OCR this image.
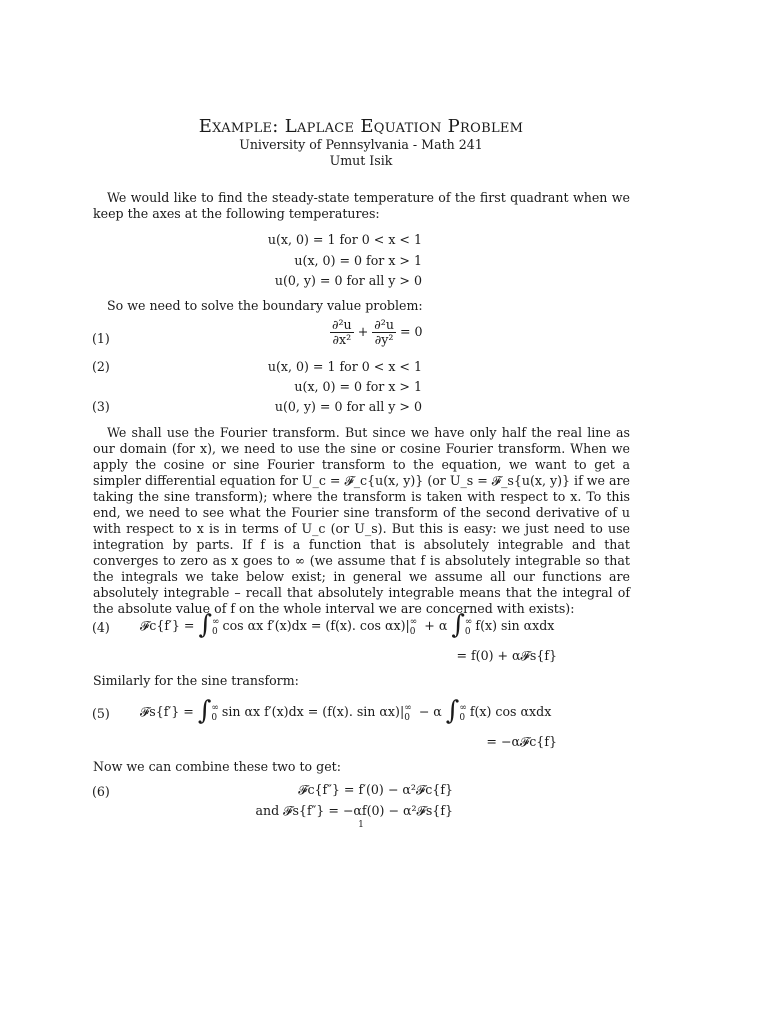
Example: Laplace Equation Problem
University of Pennsylvania - Math 241
Umut Isik
We would like to find the steady-state temperature of the first quadrant when we keep the axes at the following temperatures:
u(x, 0) = 1 for 0 < x < 1
u(x, 0) = 0 for x > 1
u(0, y) = 0 for all y > 0
So we need to solve the boundary value problem:
(1)	$\frac{\text{∂²u}}{\text{∂x²}} + \frac{\text{∂²u}}{\text{∂y²}} = 0$
(2)	u(x, 0) = 1 for 0 < x < 1
u(x, 0) = 0 for x > 1
(3)	u(0, y) = 0 for all y > 0
We shall use the Fourier transform. But since we have only half the real line as our domain (for x), we need to use the sine or cosine Fourier transform. When we apply the cosine or sine Fourier transform to the equation, we want to get a simpler differential equation for U_c = 𝓕_c{u(x, y)} (or U_s = 𝓕_s{u(x, y)} if we are taking the sine transform); where the transform is taken with respect to x. To this end, we need to see what the Fourier sine transform of the second derivative of u with respect to x is in terms of U_c (or U_s). But this is easy: we just need to use integration by parts. If f is a function that is absolutely integrable and that converges to zero as x goes to ∞ (we assume that f is absolutely integrable so that the integrals we take below exist; in general we assume all our functions are absolutely integrable – recall that absolutely integrable means that the integral of the absolute value of f on the whole interval we are concerned with exists):
(4) 𝓕c{f′} = ∫ ∞
0 cos αx f′(x)dx = (f(x). cos αx)| ∞
0 + α ∫ ∞
0 f(x) sin αxdx
= f(0) + α𝓕s{f}
Similarly for the sine transform:
(5) 𝓕s{f′} = ∫ ∞
0 sin αx f′(x)dx = (f(x). sin αx)| ∞
0 − α ∫ ∞
0 f(x) cos αxdx
= −α𝓕c{f}
Now we can combine these two to get:
(6)	𝓕c{f″} = f′(0) − α²𝓕c{f}
and 𝓕s{f″} = −αf(0) − α²𝓕s{f}
1
